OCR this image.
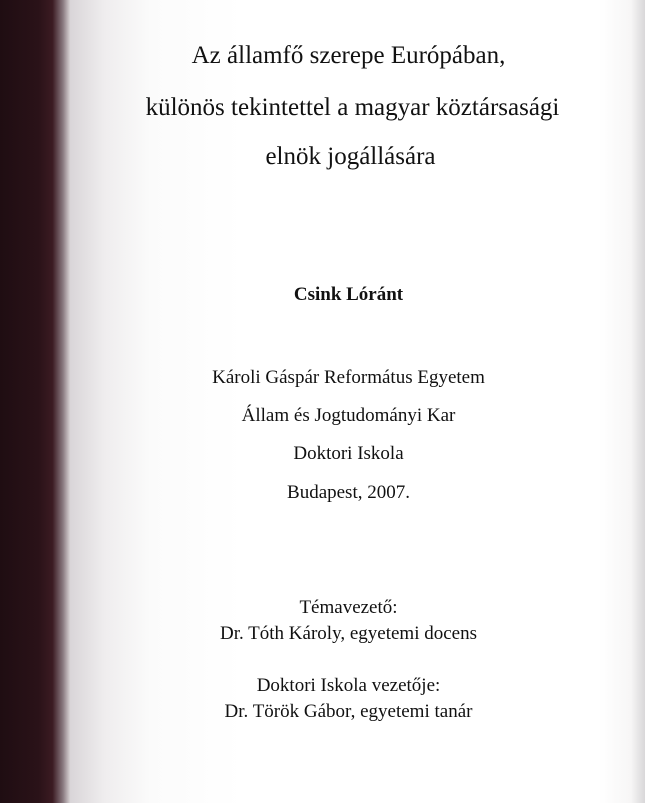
Az államfő szerepe Európában,
különös tekintettel a magyar köztársasági
elnök jogállására
Csink Lóránt
Károli Gáspár Református Egyetem
Állam és Jogtudományi Kar
Doktori Iskola
Budapest, 2007.
Témavezető:
Dr. Tóth Károly, egyetemi docens
Doktori Iskola vezetője:
Dr. Török Gábor, egyetemi tanár
